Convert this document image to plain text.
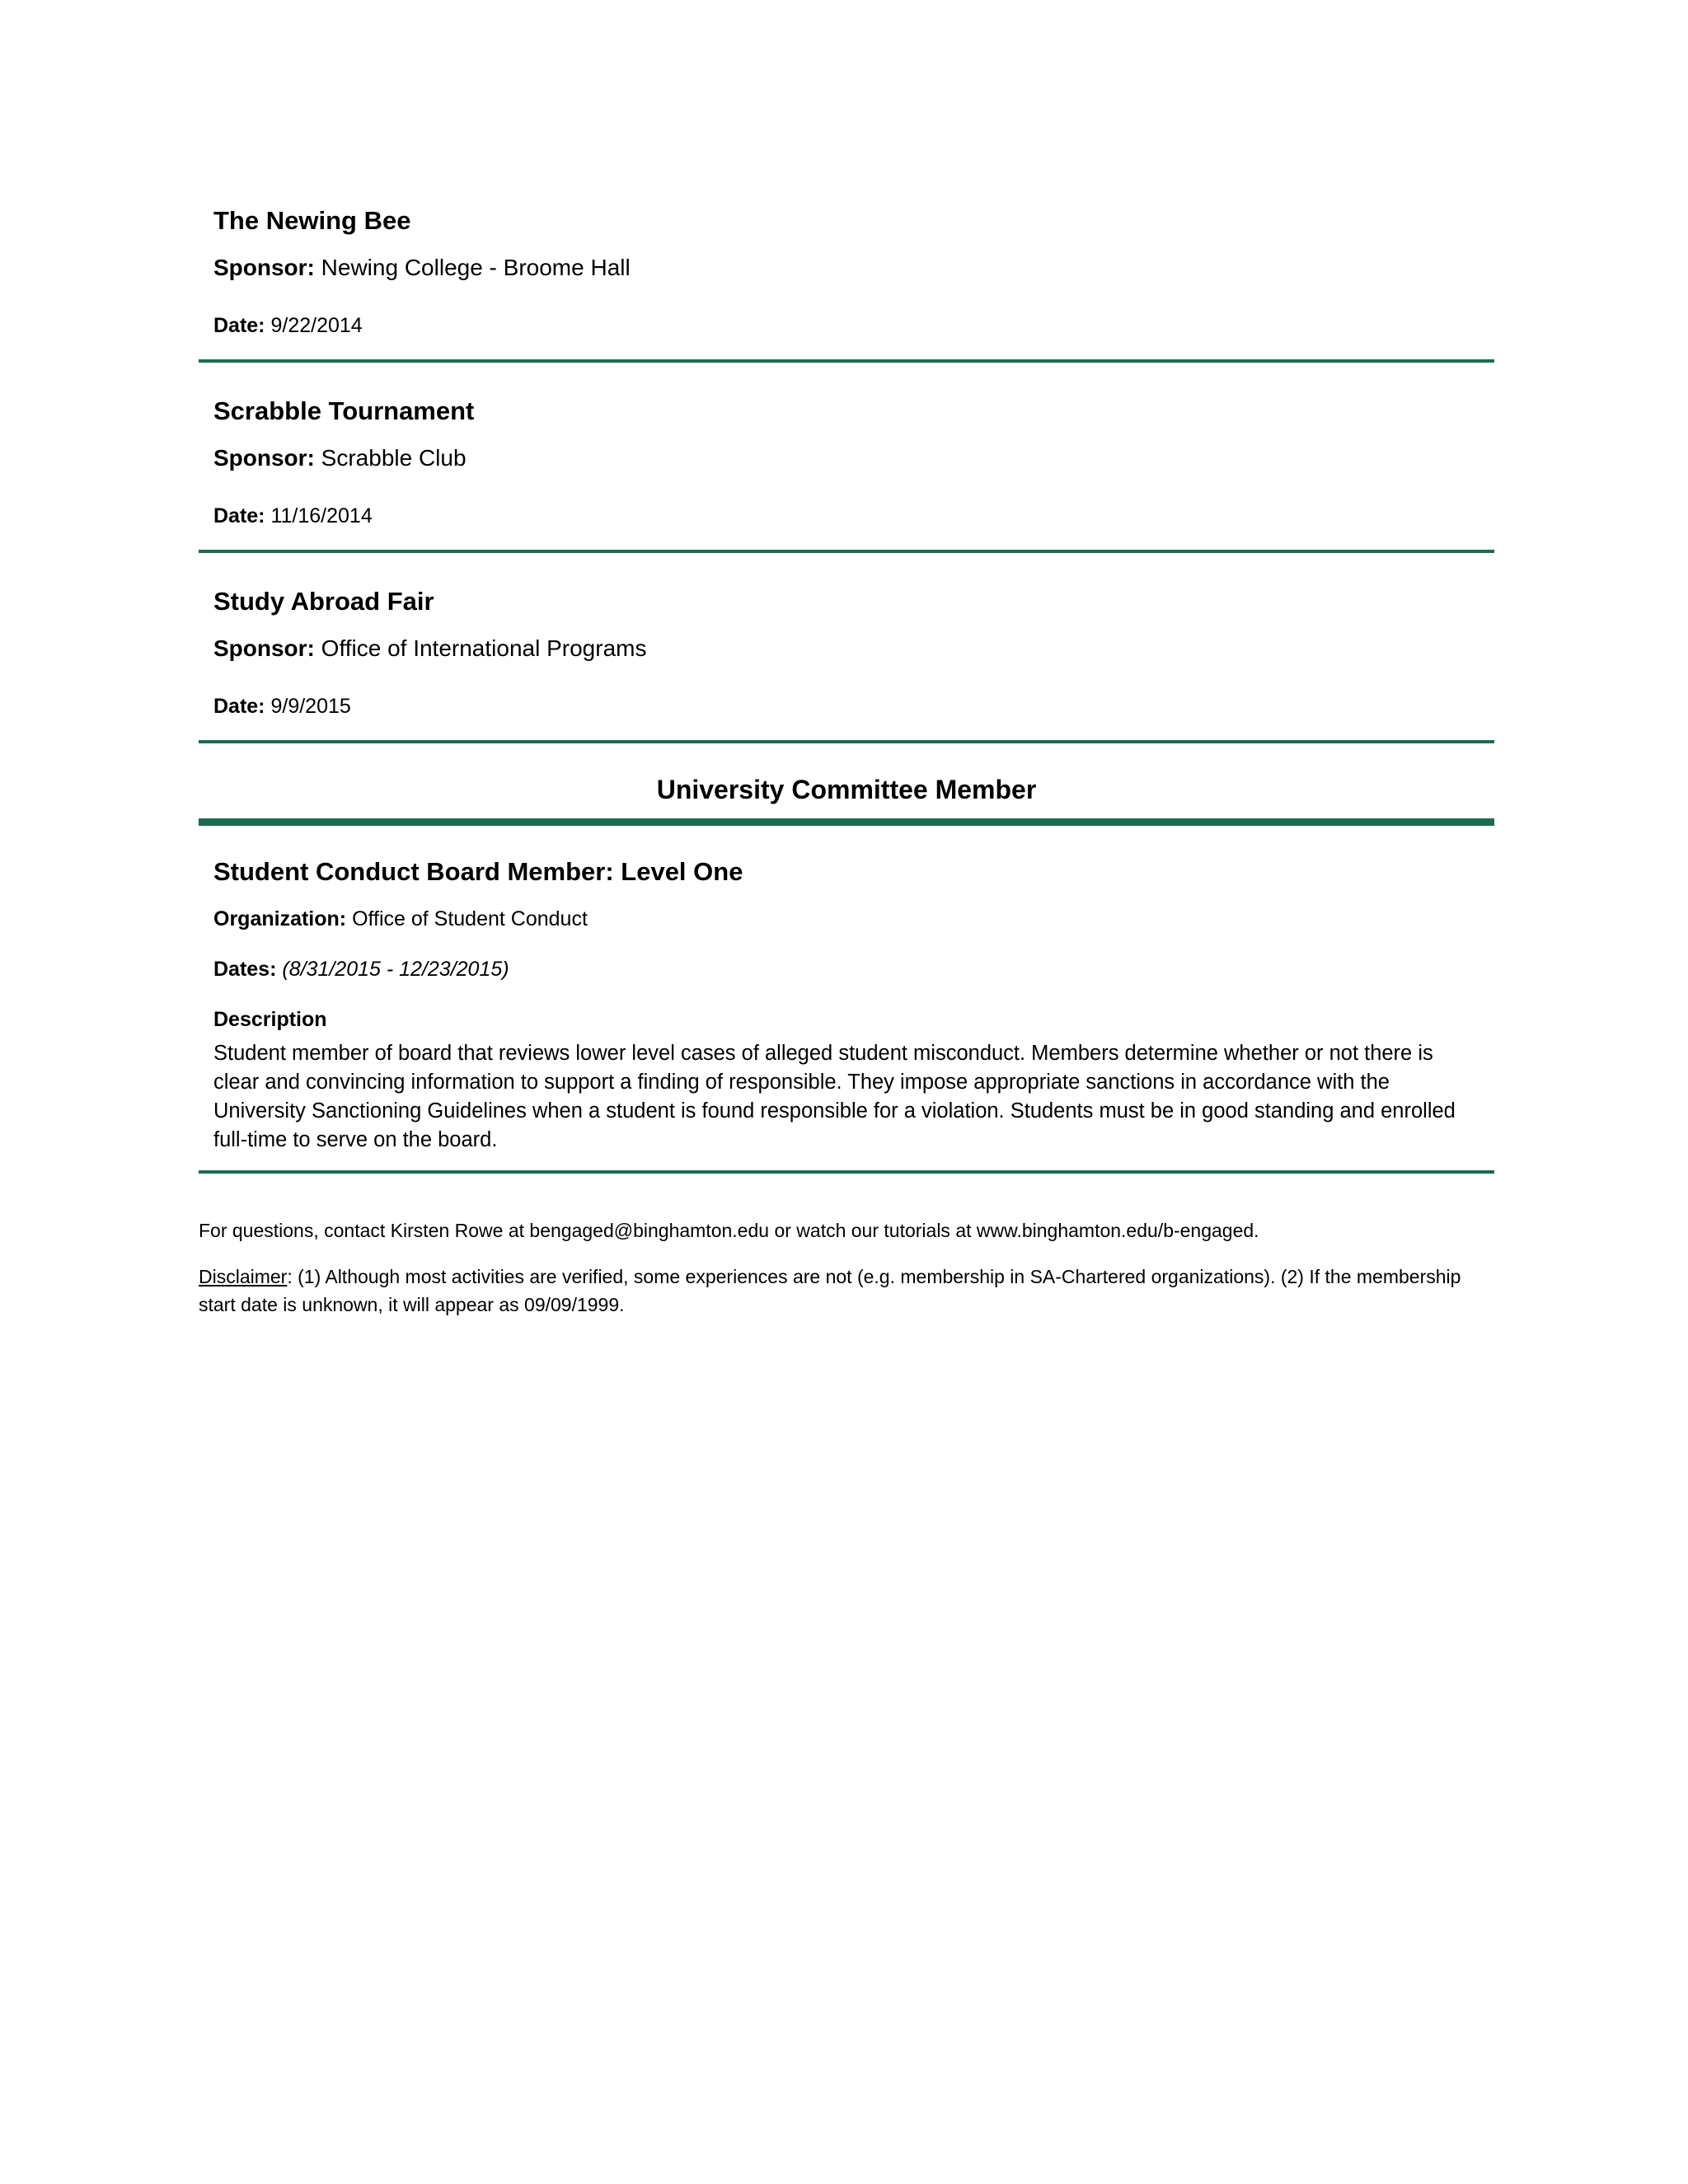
The Newing Bee
Sponsor: Newing College - Broome Hall
Date: 9/22/2014
Scrabble Tournament
Sponsor: Scrabble Club
Date: 11/16/2014
Study Abroad Fair
Sponsor: Office of International Programs
Date: 9/9/2015
University Committee Member
Student Conduct Board Member: Level One
Organization: Office of Student Conduct
Dates: (8/31/2015 - 12/23/2015)
Description
Student member of board that reviews lower level cases of alleged student misconduct. Members determine whether or not there is clear and convincing information to support a finding of responsible. They impose appropriate sanctions in accordance with the University Sanctioning Guidelines when a student is found responsible for a violation. Students must be in good standing and enrolled full-time to serve on the board.
For questions, contact Kirsten Rowe at bengaged@binghamton.edu or watch our tutorials at www.binghamton.edu/b-engaged.
Disclaimer: (1) Although most activities are verified, some experiences are not (e.g. membership in SA-Chartered organizations). (2) If the membership start date is unknown, it will appear as 09/09/1999.
